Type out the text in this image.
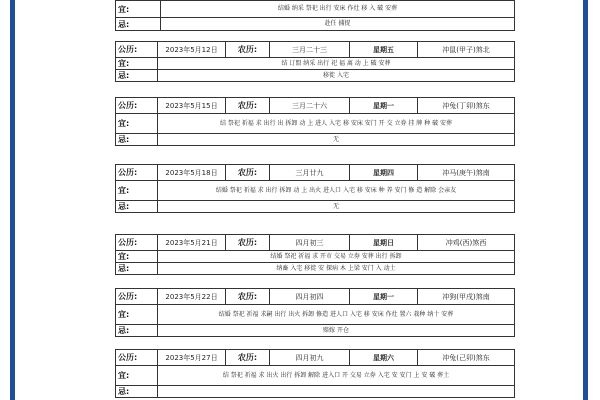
宜:	结婚 纳采 祭祀 出行 安床 作灶 移 入 破 安葬
忌:	赴任 捕捉
公历:	2023年5月12日	农历:	三月二十三	星期五	冲鼠(甲子)煞北
宜:	结 订盟 纳采 出行 祀 福 离 动 上 破 安葬				
忌:	移徙 入宅				
公历:	2023年5月15日	农历:	三月二十六	星期一	冲兔(丁卯)煞东
宜:	结 祭祀 祈福 求 出行 出 拆卸 动 上 进人 入宅 移 安床 安门 开 交 立券 挂 牌 种 破 安葬				
忌:	无				
公历:	2023年5月18日	农历:	三月廿九	星期四	冲马(庚午)煞南
宜:	结婚 祭祀 祈福 求 出行 拆卸 动 上 出火 进人口 入宅 移 安床 种 养 安门 修 造 解除 会亲友				
忌:	无				
公历:	2023年5月21日	农历:	四月初三	星期日	冲鸡(西)煞西
宜:	结婚 祭祀 祈福 求 开市 交易 立券 安葬 出行 拆卸				
忌:	纳畜 入宅 移徙 安 探病 木 上梁 安门 入 动土				
公历:	2023年5月22日	农历:	四月初四	星期一	冲狗(甲戌)煞南
宜:	结婚 祭祀 祈福 求嗣 出行 出火 拆卸 修造 进人口 入宅 移 安床 作灶 置六 栽种 纳十 安葬				
忌:	赔嫁 开仓				
公历:	2023年5月27日	农历:	四月初九	星期六	冲兔(己卯)煞东
宜:	结 祭祀 祈福 求 出火 出行 拆卸 解除 进入口 开 交易 立券 入宅 安 安门 上 安 破 葬土				
忌:					
